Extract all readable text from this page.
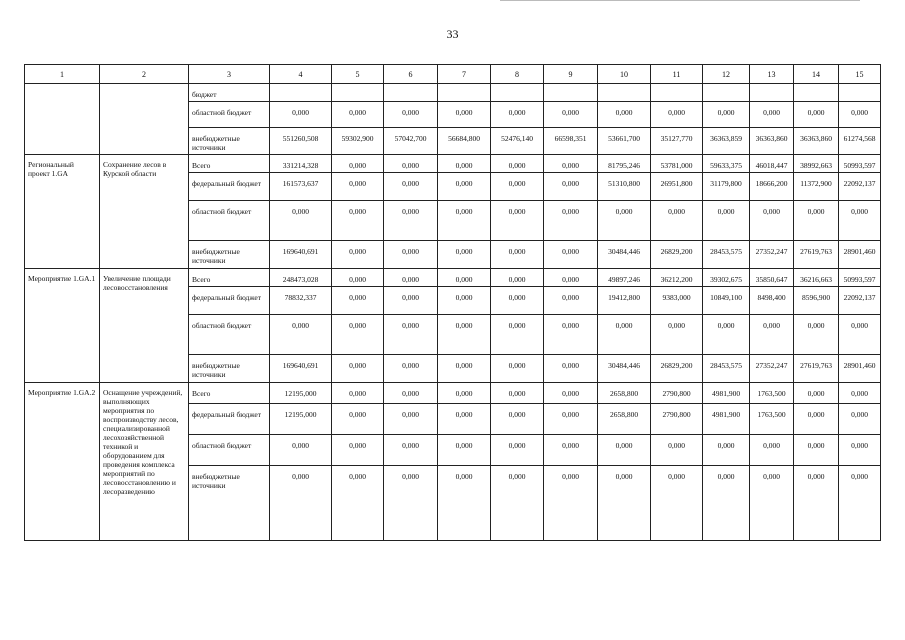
33
1	2	3	4	5	6	7	8	9	10	11	12	13	14	15
		бюджет												
		областной бюджет	0,000	0,000	0,000	0,000	0,000	0,000	0,000	0,000	0,000	0,000	0,000	0,000
		внебюджетные источники	551260,508	59302,900	57042,700	56684,800	52476,140	66598,351	53661,700	35127,770	36363,859	36363,860	36363,860	61274,568
Региональный проект 1.GA	Сохранение лесов в Курской области	Всего	331214,328	0,000	0,000	0,000	0,000	0,000	81795,246	53781,000	59633,375	46018,447	38992,663	50993,597
		федеральный бюджет	161573,637	0,000	0,000	0,000	0,000	0,000	51310,800	26951,800	31179,800	18666,200	11372,900	22092,137
		областной бюджет	0,000	0,000	0,000	0,000	0,000	0,000	0,000	0,000	0,000	0,000	0,000	0,000
		внебюджетные источники	169640,691	0,000	0,000	0,000	0,000	0,000	30484,446	26829,200	28453,575	27352,247	27619,763	28901,460
Мероприятие 1.GA.1	Увеличение площади лесовосстановления	Всего	248473,028	0,000	0,000	0,000	0,000	0,000	49897,246	36212,200	39302,675	35850,647	36216,663	50993,597
		федеральный бюджет	78832,337	0,000	0,000	0,000	0,000	0,000	19412,800	9383,000	10849,100	8498,400	8596,900	22092,137
		областной бюджет	0,000	0,000	0,000	0,000	0,000	0,000	0,000	0,000	0,000	0,000	0,000	0,000
		внебюджетные источники	169640,691	0,000	0,000	0,000	0,000	0,000	30484,446	26829,200	28453,575	27352,247	27619,763	28901,460
Мероприятие 1.GA.2	Оснащение учреждений, выполняющих мероприятия по воспроизводству лесов, специализированной лесохозяйственной техникой и оборудованием для проведения комплекса мероприятий по лесовосстановлению и лесоразведению	Всего	12195,000	0,000	0,000	0,000	0,000	0,000	2658,800	2790,800	4981,900	1763,500	0,000	0,000
		федеральный бюджет	12195,000	0,000	0,000	0,000	0,000	0,000	2658,800	2790,800	4981,900	1763,500	0,000	0,000
		областной бюджет	0,000	0,000	0,000	0,000	0,000	0,000	0,000	0,000	0,000	0,000	0,000	0,000
		внебюджетные источники	0,000	0,000	0,000	0,000	0,000	0,000	0,000	0,000	0,000	0,000	0,000	0,000
